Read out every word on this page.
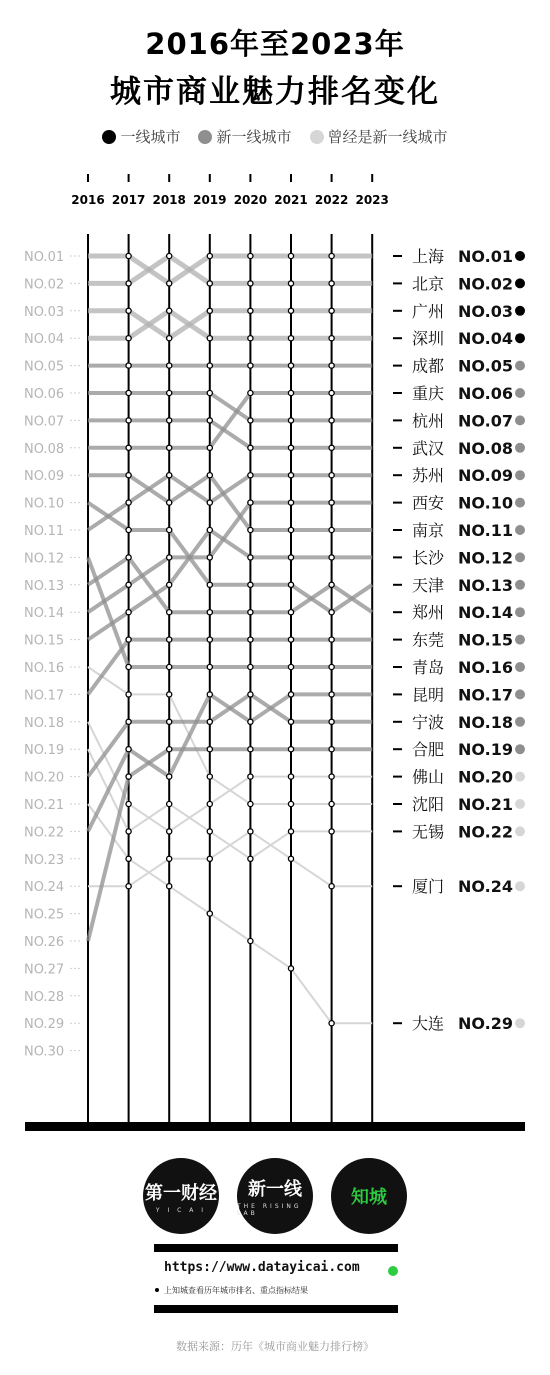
2016年至2023年
城市商业魅力排名变化
一线城市 新一线城市 曾经是新一线城市
2016 2017 2018 2019 2020 2021 2022 2023
NO.01
NO.02
NO.03
NO.04
NO.05
NO.06
NO.07
NO.08
NO.09
NO.10
NO.11
NO.12
NO.13
NO.14
NO.15
NO.16
NO.17
NO.18
NO.19
NO.20
NO.21
NO.22
NO.23
NO.24
NO.25
NO.26
NO.27
NO.28
NO.29
NO.30
上海 NO.01
北京 NO.02
广州 NO.03
深圳 NO.04
成都 NO.05
重庆 NO.06
杭州 NO.07
武汉 NO.08
苏州 NO.09
西安 NO.10
南京 NO.11
长沙 NO.12
天津 NO.13
郑州 NO.14
东莞 NO.15
青岛 NO.16
昆明 NO.17
宁波 NO.18
合肥 NO.19
佛山 NO.20
沈阳 NO.21
无锡 NO.22
厦门 NO.24
大连 NO.29
第一财经
Y I C A I
新一线
THE RISING LAB
知城
https://www.datayicai.com
上知城查看历年城市排名、重点指标结果
数据来源：历年《城市商业魅力排行榜》
